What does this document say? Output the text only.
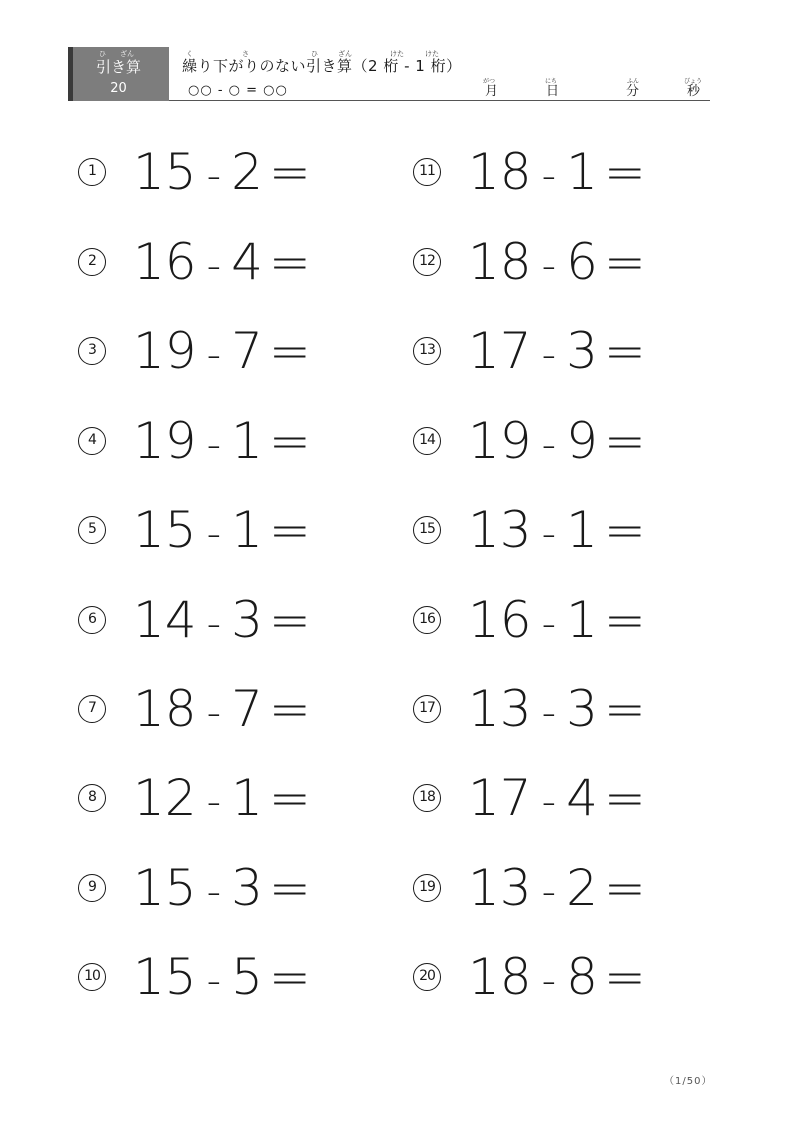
ひ ざん
引き算
20
く	さ	ひ	ざん	けた	けた
繰り下がりのない引き算（2 桁 - 1 桁）
○○ - ○ = ○○
がつ
月
にち
日
ふん
分
びょう
秒
1 15 - 2 =
2 16 - 4 =
3 19 - 7 =
4 19 - 1 =
5 15 - 1 =
6 14 - 3 =
7 18 - 7 =
8 12 - 1 =
9 15 - 3 =
10 15 - 5 =
11 18 - 1 =
12 18 - 6 =
13 17 - 3 =
14 19 - 9 =
15 13 - 1 =
16 16 - 1 =
17 13 - 3 =
18 17 - 4 =
19 13 - 2 =
20 18 - 8 =
（1/50）
